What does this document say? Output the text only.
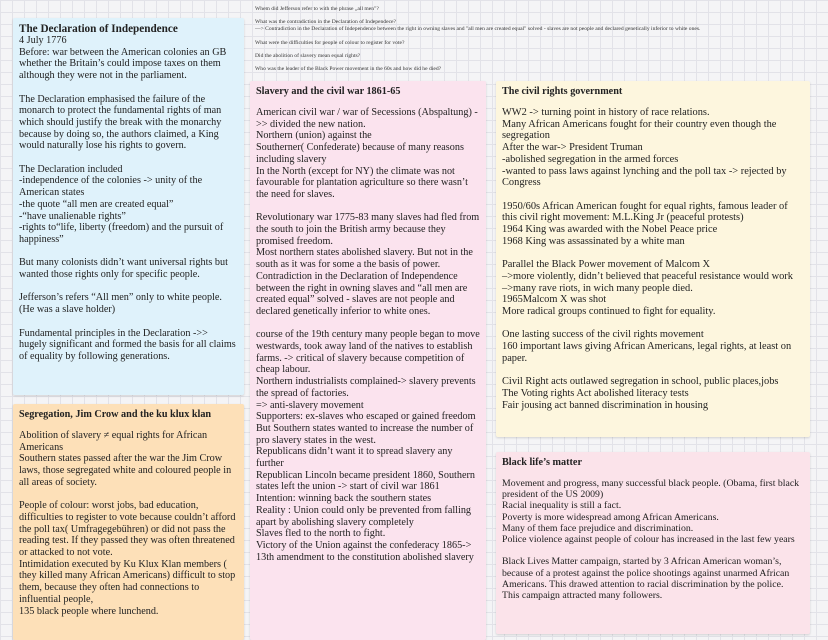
Whem did Jefferson refer to with the phrase „all men"?
What was the contradiction in the Declaration of Independece?
—> Contradiction in the Declaration of Independence between the right in owning slaves and "all men are created equal" solved - slaves are not people and declared genetically inferior to white ones.
What were the difficulties for people of colour to register for vote?
Did the abolition of slavery mean equal rights?
Who was the leader of the Black Power movement in the 60s and how did he died?
The Declaration of Independence

4 July 1776
Before: war between the American colonies an GB whether the Britain’s could impose taxes on them although they were not in the parliament.

The Declaration emphasised the failure of the monarch to protect the fundamental rights of man which should justify the break with the monarchy because by doing so, the authors claimed, a King would naturally lose his rights to govern.

The Declaration included
-independence of the colonies -> unity of the American states
-the quote “all men are created equal”
-“have unalienable rights”
-rights to“life, liberty (freedom) and the pursuit of happiness”

But many colonists didn’t want universal rights but wanted those rights only for specific people.

Jefferson’s refers “All men” only to white people. (He was a slave holder)

Fundamental principles in the Declaration ->> hugely significant and formed the basis for all claims of equality by following generations.

Segregation, Jim Crow and the ku klux klan

Abolition of slavery ≠ equal rights for African Americans
Southern states passed after the war the Jim Crow laws, those segregated white and coloured people in all areas of society.

People of colour: worst jobs, bad education, difficulties to register to vote because couldn’t afford the poll tax( Umfragegebühren) or did not pass the reading test. If they passed they was often threatened or attacked to not vote.
Intimidation executed by Ku Klux Klan members ( they killed many African Americans) difficult to stop them, because they often had connections to influential people,
135 black people where lunchend.

Slavery and the civil war 1861-65

American civil war / war of Secessions (Abspaltung) ->> divided the new nation.
Northern (union) against the
Southerner( Confederate) because of many reasons including slavery
In the North (except for NY) the climate was not favourable for plantation agriculture so there wasn’t the need for slaves.

Revolutionary war 1775-83 many slaves had fled from the south to join the British army because they promised freedom.
Most northern states abolished slavery. But not in the south as it was for some a the basis of power.
Contradiction in the Declaration of Independence between the right in owning slaves and “all men are created equal” solved - slaves are not people and declared genetically inferior to white ones.

course of the 19th century many people began to move westwards, took away land of the natives to establish farms. -> critical of slavery because competition of cheap labour.
Northern industrialists complained-> slavery prevents the spread of factories.
=> anti-slavery movement
Supporters: ex-slaves who escaped or gained freedom
But Southern states wanted to increase the number of pro slavery states in the west.
Republicans didn’t want it to spread slavery any further
Republican Lincoln became president 1860, Southern states left the union -> start of civil war 1861
Intention: winning back the southern states
Reality : Union could only be prevented from falling apart by abolishing slavery completely
Slaves fled to the north to fight.
Victory of the Union against the confederacy 1865-> 13th amendment to the constitution abolished slavery

The civil rights government

WW2 -> turning point in history of race relations.
Many African Americans fought for their country even though the segregation
After the war-> President Truman
-abolished segregation in the armed forces
-wanted to pass laws against lynching and the poll tax -> rejected by Congress

1950/60s African American fought for equal rights, famous leader of this civil right movement: M.L.King Jr (peaceful protests)
1964 King was awarded with the Nobel Peace price
1968 King was assassinated by a white man

Parallel the Black Power movement of Malcom X
–>more violently, didn’t believed that peaceful resistance would work
–>many rave riots, in wich many people died.
1965Malcom X was shot
More radical groups continued to fight for equality.

One lasting success of the civil rights movement
160 important laws giving African Americans, legal rights, at least on paper.

Civil Right acts outlawed segregation in school, public places,jobs
The Voting rights Act abolished literacy tests
Fair jousing act banned discrimination in housing

Black life’s matter

Movement and progress, many successful black people. (Obama, first black president of the US 2009)
Racial inequality is still a fact.
Poverty is more widespread among African Americans.
Many of them face prejudice and discrimination.
Police violence against people of colour has increased in the last few years

Black Lives Matter campaign, started by 3 African American woman’s, because of a protest against the police shootings against unarmed African Americans. This drawed attention to racial discrimination by the police.
This campaign attracted many followers.
